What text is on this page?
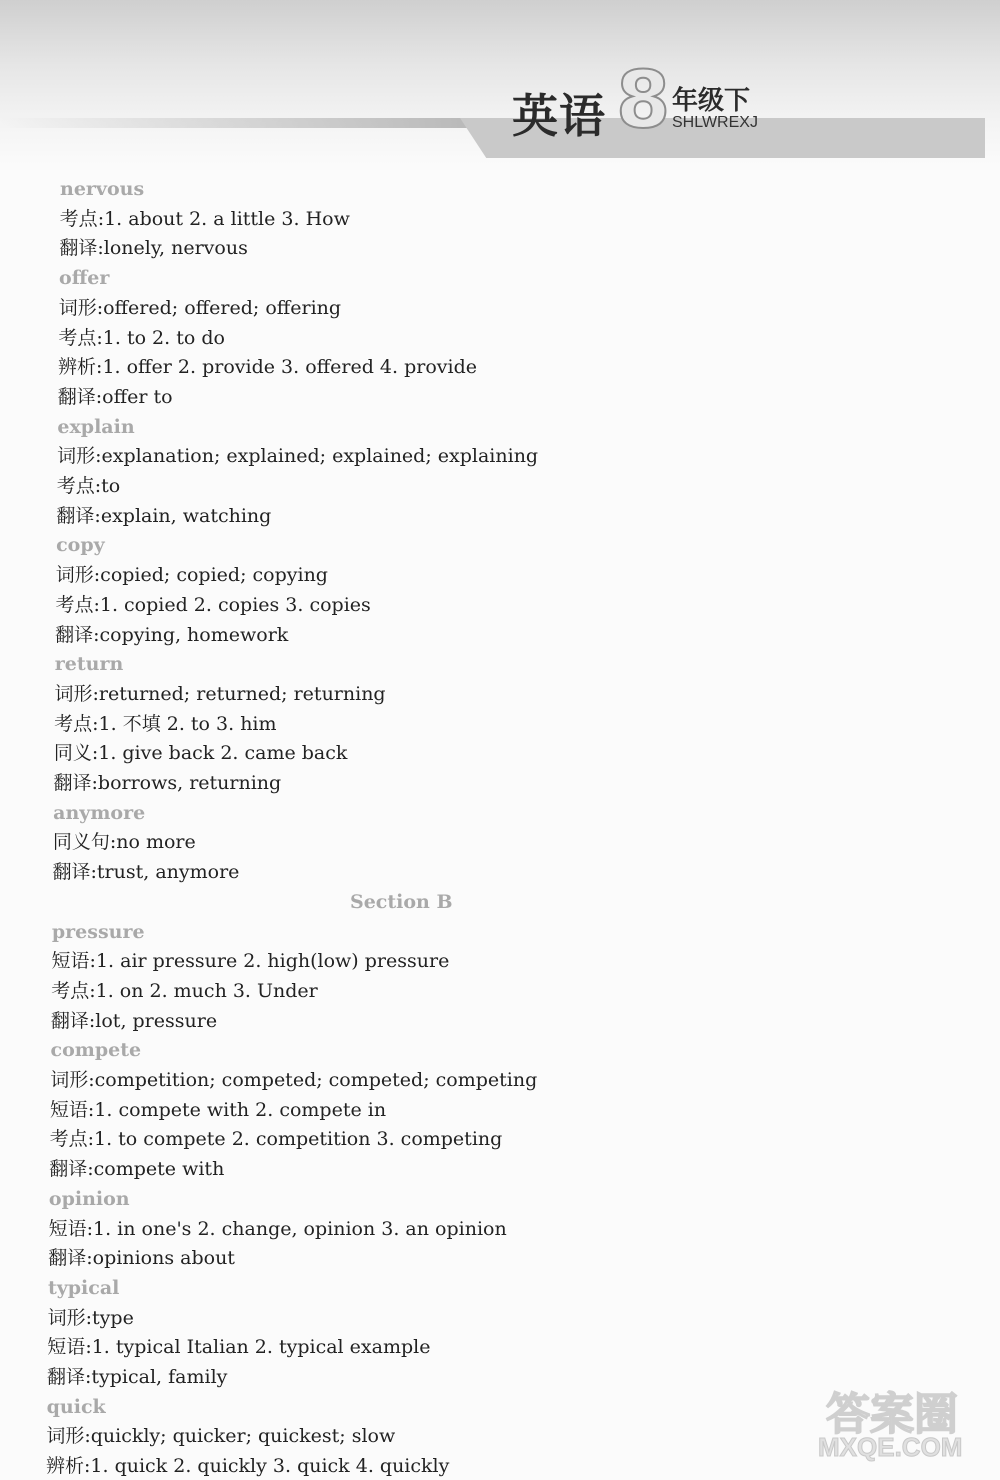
英语 8 年级下
SHLWREXJ
nervous
考点:1. about 2. a little 3. How
翻译:lonely, nervous
offer
词形:offered; offered; offering
考点:1. to 2. to do
辨析:1. offer 2. provide 3. offered 4. provide
翻译:offer to
explain
词形:explanation; explained; explained; explaining
考点:to
翻译:explain, watching
copy
词形:copied; copied; copying
考点:1. copied 2. copies 3. copies
翻译:copying, homework
return
词形:returned; returned; returning
考点:1. 不填 2. to 3. him
同义:1. give back 2. came back
翻译:borrows, returning
anymore
同义句:no more
翻译:trust, anymore
Section B
pressure
短语:1. air pressure 2. high(low) pressure
考点:1. on 2. much 3. Under
翻译:lot, pressure
compete
词形:competition; competed; competed; competing
短语:1. compete with 2. compete in
考点:1. to compete 2. competition 3. competing
翻译:compete with
opinion
短语:1. in one's 2. change, opinion 3. an opinion
翻译:opinions about
typical
词形:type
短语:1. typical Italian 2. typical example
翻译:typical, family
quick
词形:quickly; quicker; quickest; slow
辨析:1. quick 2. quickly 3. quick 4. quickly
答案圈
MXQE.COM
